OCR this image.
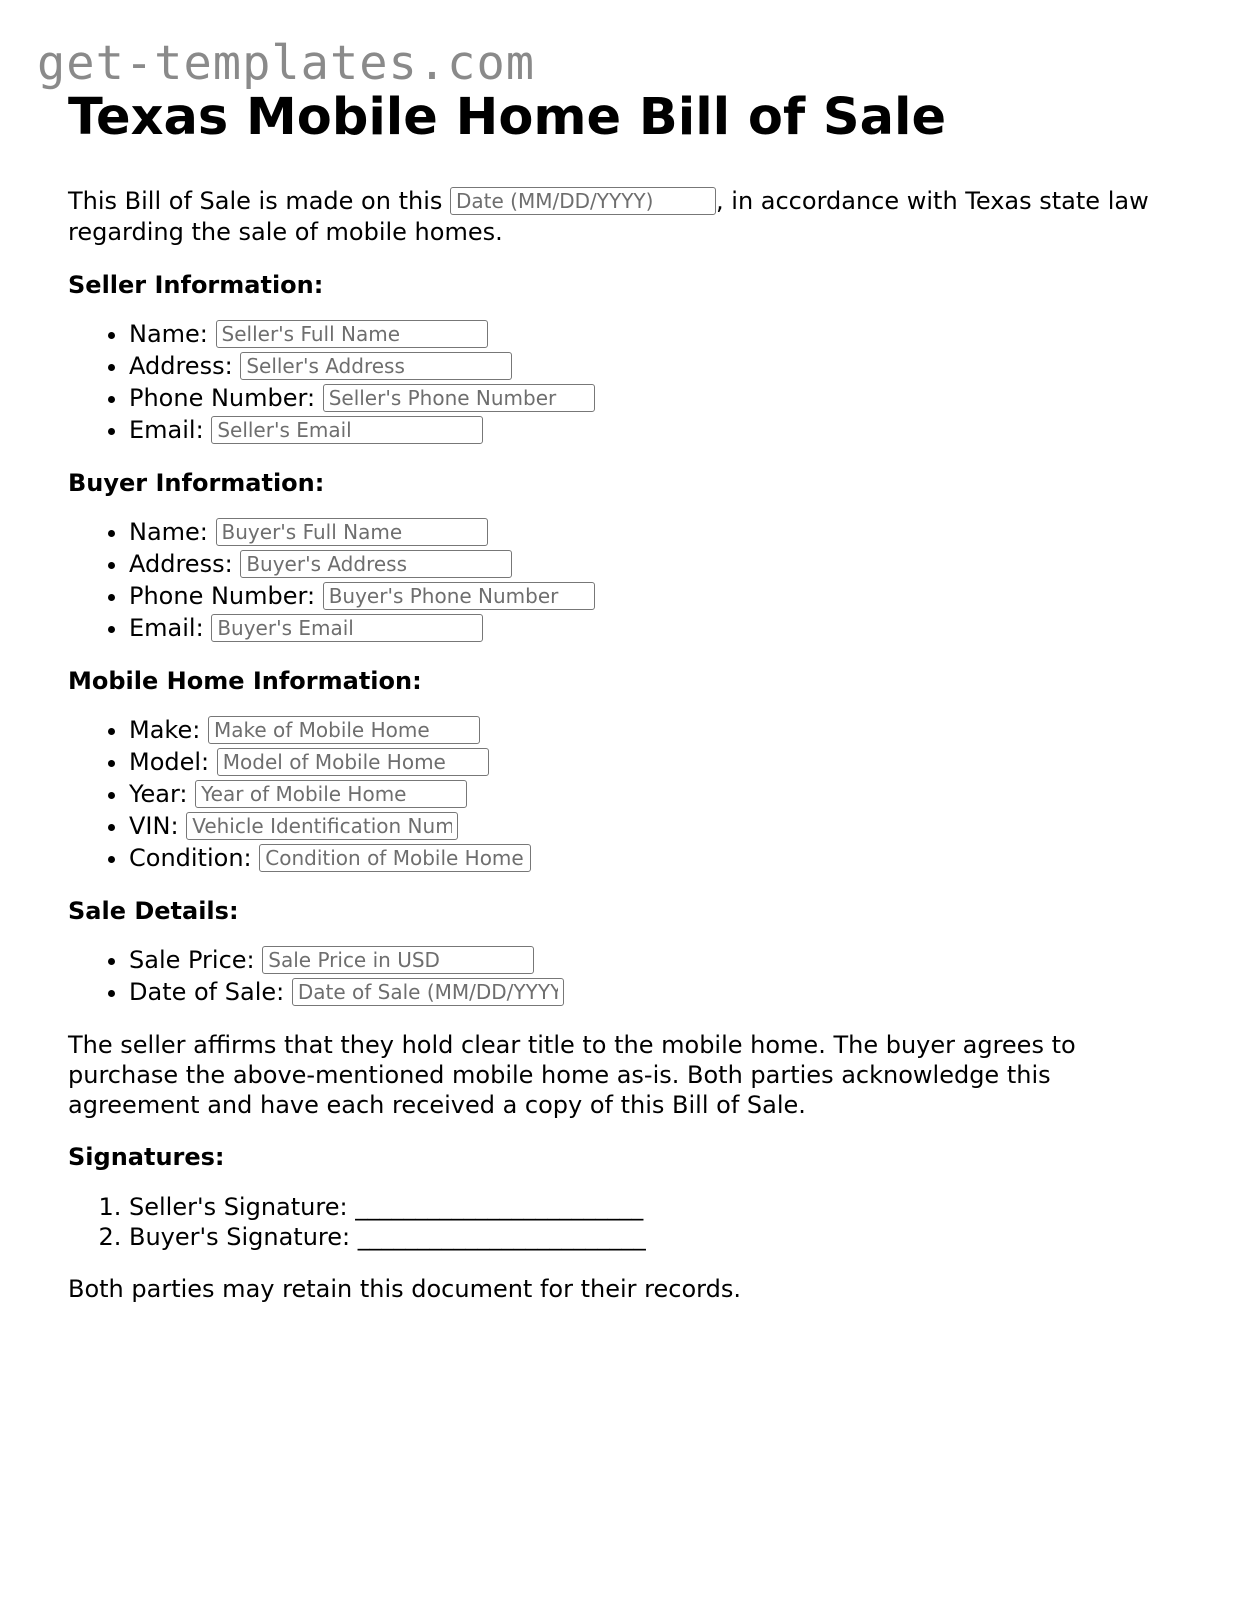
get-templates.com
Texas Mobile Home Bill of Sale

This Bill of Sale is made on this Date (MM/DD/YYYY)	, in accordance with Texas state law regarding the sale of mobile homes.

Seller Information:
• Name: Seller's Full Name
• Address: Seller's Address
• Phone Number: Seller's Phone Number
• Email: Seller's Email
Buyer Information:
• Name: Buyer's Full Name
• Address: Buyer's Address
• Phone Number: Buyer's Phone Number
• Email: Buyer's Email
Mobile Home Information:
• Make: Make of Mobile Home
• Model: Model of Mobile Home
• Year: Year of Mobile Home
• VIN: Vehicle Identification Number
• Condition: Condition of Mobile Home
Sale Details:
• Sale Price: Sale Price in USD
• Date of Sale: Date of Sale (MM/DD/YYYY)

The seller affirms that they hold clear title to the mobile home. The buyer agrees to purchase the above-mentioned mobile home as-is. Both parties acknowledge this agreement and have each received a copy of this Bill of Sale.

Signatures:
1. Seller's Signature: ________________________
2. Buyer's Signature: ________________________

Both parties may retain this document for their records.
